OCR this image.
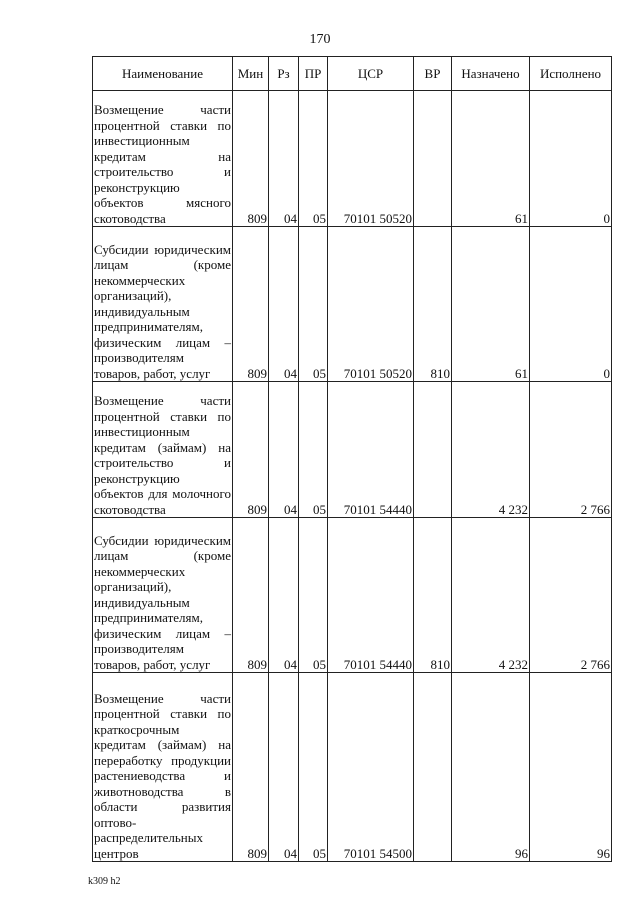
170
Наименование	Мин	Рз	ПР	ЦСР	ВР	Назначено	Исполнено
Возмещение части процентной ставки по инвестиционным кредитам на строительство и реконструкцию объектов мясного скотоводства	809	04	05	70101 50520		61	0
Субсидии юридическим лицам (кроме некоммерческих организаций), индивидуальным предпринимателям, физическим лицам – производителям товаров, работ, услуг	809	04	05	70101 50520	810	61	0
Возмещение части процентной ставки по инвестиционным кредитам (займам) на строительство и реконструкцию объектов для молочного скотоводства	809	04	05	70101 54440		4 232	2 766
Субсидии юридическим лицам (кроме некоммерческих организаций), индивидуальным предпринимателям, физическим лицам – производителям товаров, работ, услуг	809	04	05	70101 54440	810	4 232	2 766
Возмещение части процентной ставки по краткосрочным кредитам (займам) на переработку продукции растениеводства и животноводства в области развития оптово-распределительных центров	809	04	05	70101 54500		96	96
k309 h2
